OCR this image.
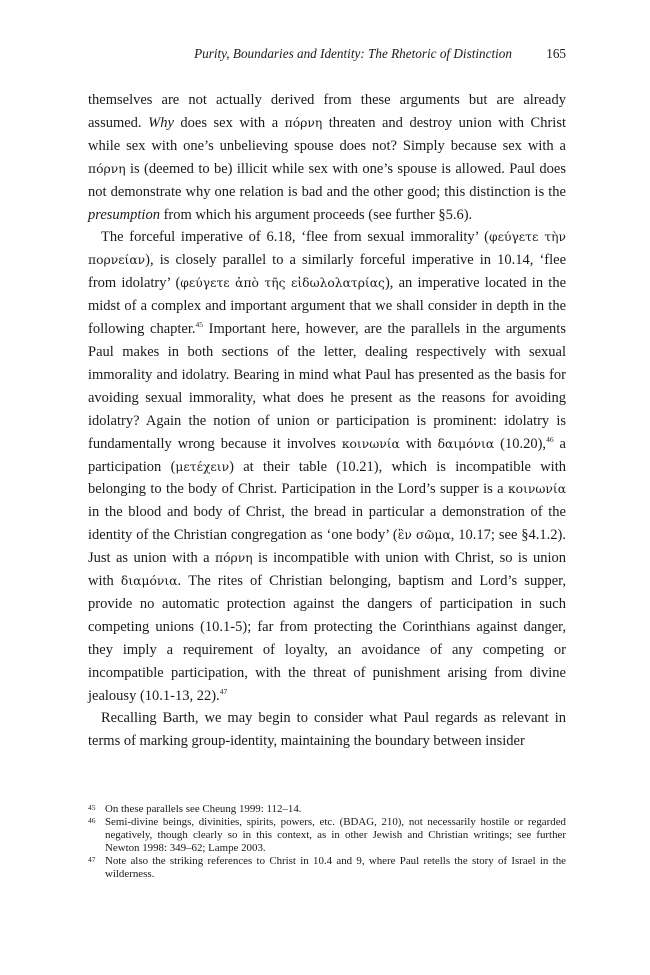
Purity, Boundaries and Identity: The Rhetoric of Distinction	165

themselves are not actually derived from these arguments but are already assumed. Why does sex with a πόρνη threaten and destroy union with Christ while sex with one’s unbelieving spouse does not? Simply because sex with a πόρνη is (deemed to be) illicit while sex with one’s spouse is allowed. Paul does not demonstrate why one relation is bad and the other good; this distinction is the presumption from which his argument proceeds (see further §5.6).

The forceful imperative of 6.18, ‘flee from sexual immorality’ (φεύγετε τὴν πορνείαν), is closely parallel to a similarly forceful imperative in 10.14, ‘flee from idolatry’ (φεύγετε ἀπὸ τῆς εἰδωλολατρίας), an imperative located in the midst of a complex and important argument that we shall consider in depth in the following chapter.$^{45}$ Important here, however, are the parallels in the arguments Paul makes in both sections of the letter, dealing respectively with sexual immorality and idolatry. Bearing in mind what Paul has presented as the basis for avoiding sexual immorality, what does he present as the reasons for avoiding idolatry? Again the notion of union or participation is prominent: idolatry is fundamentally wrong because it involves κοινωνία with δαιμόνια (10.20),$^{46}$ a participation (μετέχειν) at their table (10.21), which is incompatible with belonging to the body of Christ. Participation in the Lord’s supper is a κοινωνία in the blood and body of Christ, the bread in particular a demonstration of the identity of the Christian congregation as ‘one body’ (ἓν σῶμα, 10.17; see §4.1.2). Just as union with a πόρνη is incompatible with union with Christ, so is union with διαμόνια. The rites of Christian belonging, baptism and Lord’s supper, provide no automatic protection against the dangers of participation in such competing unions (10.1-5); far from protecting the Corinthians against danger, they imply a requirement of loyalty, an avoidance of any competing or incompatible participation, with the threat of punishment arising from divine jealousy (10.1-13, 22).$^{47}$

Recalling Barth, we may begin to consider what Paul regards as relevant in terms of marking group-identity, maintaining the boundary between insider

45 On these parallels see Cheung 1999: 112–14.
46 Semi-divine beings, divinities, spirits, powers, etc. (BDAG, 210), not necessarily hostile or regarded negatively, though clearly so in this context, as in other Jewish and Christian writings; see further Newton 1998: 349–62; Lampe 2003.
47 Note also the striking references to Christ in 10.4 and 9, where Paul retells the story of Israel in the wilderness.
